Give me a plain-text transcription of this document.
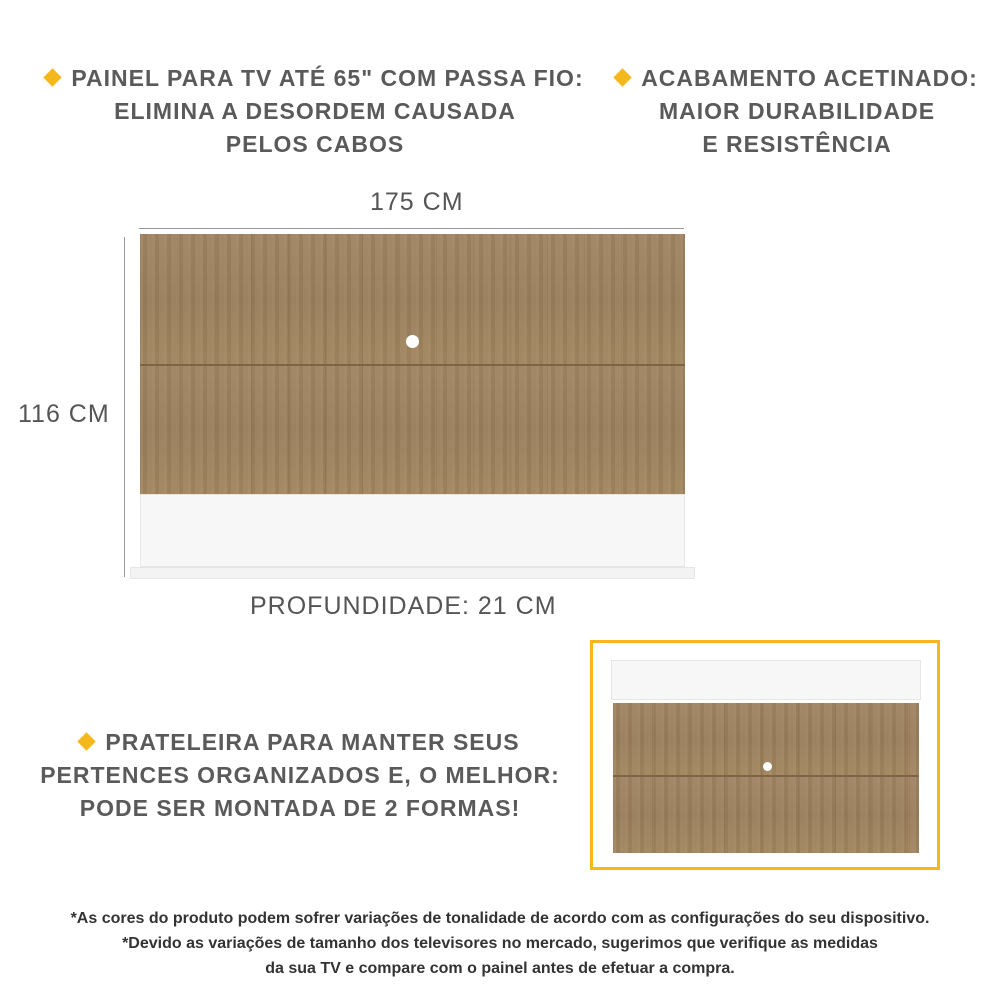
PAINEL PARA TV ATÉ 65" COM PASSA FIO:
ELIMINA A DESORDEM CAUSADA
PELOS CABOS
ACABAMENTO ACETINADO:
MAIOR DURABILIDADE
E RESISTÊNCIA
175 CM
116 CM
PROFUNDIDADE: 21 CM
PRATELEIRA PARA MANTER SEUS
PERTENCES ORGANIZADOS E, O MELHOR:
PODE SER MONTADA DE 2 FORMAS!
*As cores do produto podem sofrer variações de tonalidade de acordo com as configurações do seu dispositivo.
*Devido as variações de tamanho dos televisores no mercado, sugerimos que verifique as medidas
da sua TV e compare com o painel antes de efetuar a compra.
